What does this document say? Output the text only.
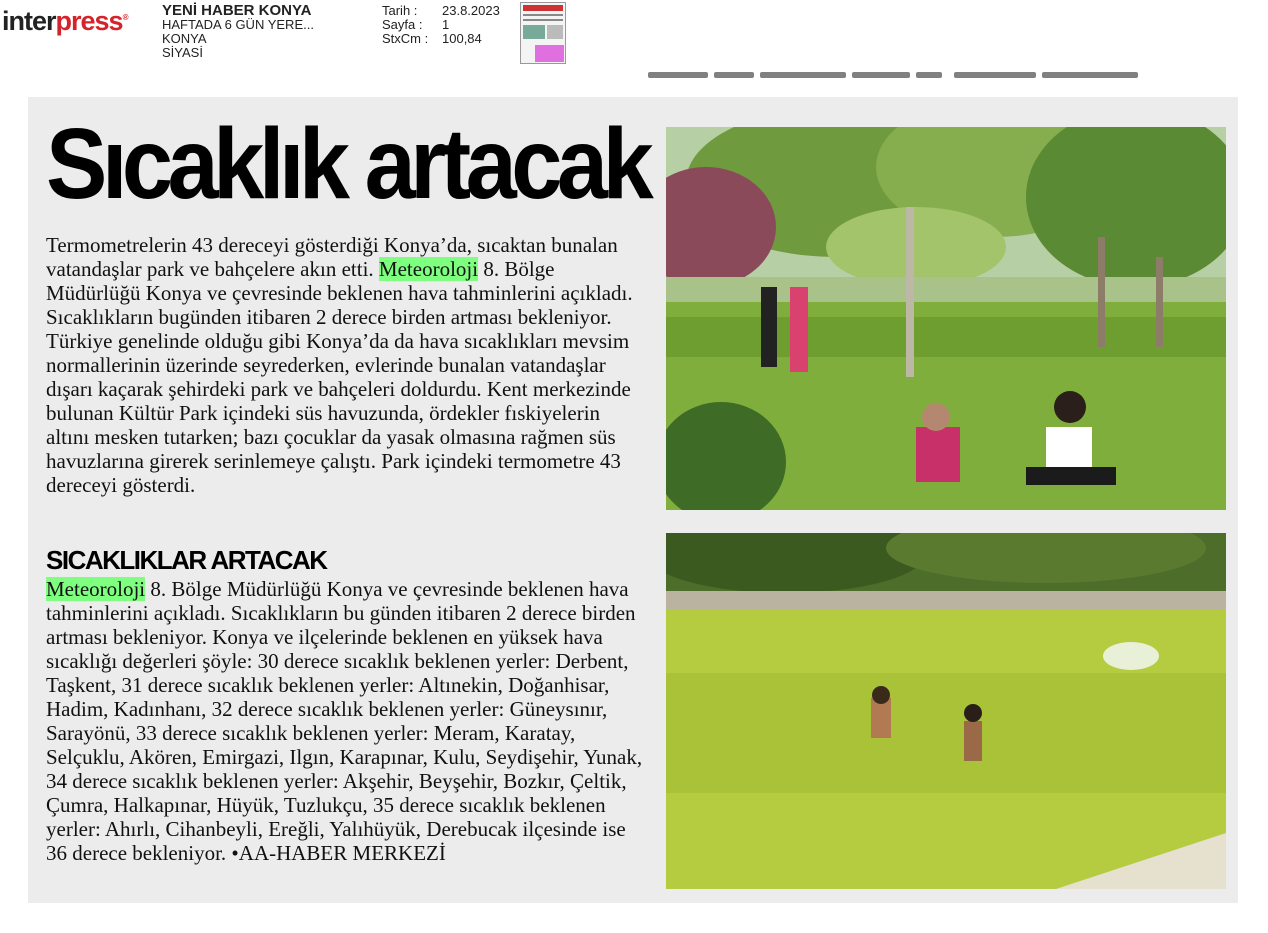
interpress® YENİ HABER KONYA
HAFTADA 6 GÜN YERE...
KONYA
SİYASİ
Tarih :	23.8.2023
Sayfa :	1
StxCm :	100,84
Sıcaklık artacak
Termometrelerin 43 dereceyi gösterdiği Konya’da, sıcaktan bunalan vatandaşlar park ve bahçelere akın etti. Meteoroloji 8. Bölge Müdürlüğü Konya ve çevresinde beklenen hava tahminlerini açıkladı. Sıcaklıkların bugünden itibaren 2 derece birden artması bekleniyor. Türkiye genelinde olduğu gibi Konya’da da hava sıcaklıkları mevsim normallerinin üzerinde seyrederken, evlerinde bunalan vatandaşlar dışarı kaçarak şehirdeki park ve bahçeleri doldurdu. Kent merkezinde bulunan Kültür Park içindeki süs havuzunda, ördekler fıskiyelerin altını mesken tutarken; bazı çocuklar da yasak olmasına rağmen süs havuzlarına girerek serinlemeye çalıştı. Park içindeki termometre 43 dereceyi gösterdi.
SICAKLIKLAR ARTACAK
Meteoroloji 8. Bölge Müdürlüğü Konya ve çevresinde beklenen hava tahminlerini açıkladı. Sıcaklıkların bu günden itibaren 2 derece birden artması bekleniyor. Konya ve ilçelerinde beklenen en yüksek hava sıcaklığı değerleri şöyle: 30 derece sıcaklık beklenen yerler: Derbent, Taşkent, 31 derece sıcaklık beklenen yerler: Altınekin, Doğanhisar, Hadim, Kadınhanı, 32 derece sıcaklık beklenen yerler: Güneysınır, Sarayönü, 33 derece sıcaklık beklenen yerler: Meram, Karatay, Selçuklu, Akören, Emirgazi, Ilgın, Karapınar, Kulu, Seydişehir, Yunak, 34 derece sıcaklık beklenen yerler: Akşehir, Beyşehir, Bozkır, Çeltik, Çumra, Halkapınar, Hüyük, Tuzlukçu, 35 derece sıcaklık beklenen yerler: Ahırlı, Cihanbeyli, Ereğli, Yalıhüyük, Derebucak ilçesinde ise 36 derece bekleniyor. •AA-HABER MERKEZİ
